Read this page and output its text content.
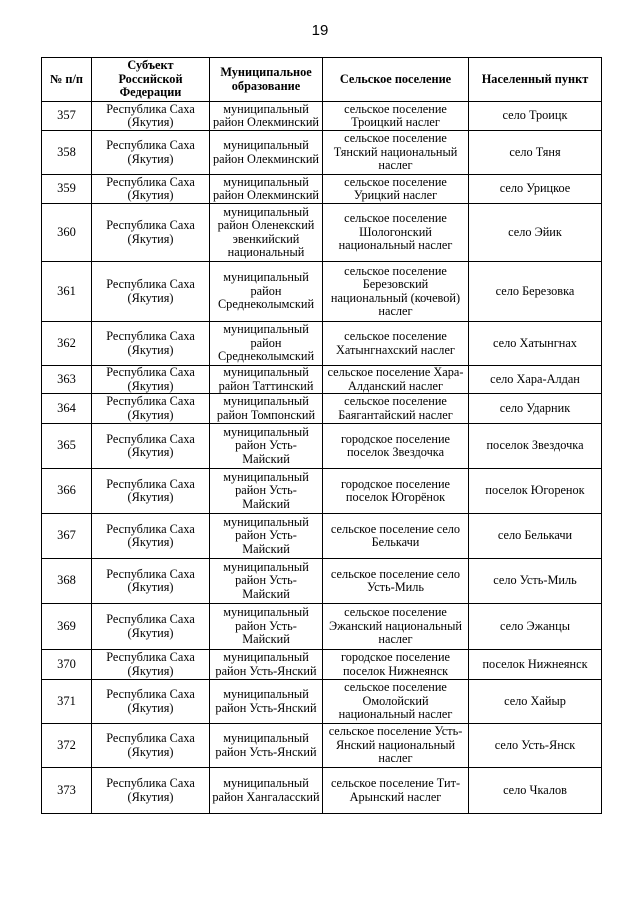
19
№ п/п	Субъект Российской Федерации	Муниципальное образование	Сельское поселение	Населенный пункт
357	Республика Саха (Якутия)	муниципальный район Олекминский	сельское поселение Троицкий наслег	село Троицк
358	Республика Саха (Якутия)	муниципальный район Олекминский	сельское поселение Тянский национальный наслег	село Тяня
359	Республика Саха (Якутия)	муниципальный район Олекминский	сельское поселение Урицкий наслег	село Урицкое
360	Республика Саха (Якутия)	муниципальный район Оленекский эвенкийский национальный	сельское поселение Шологонский национальный наслег	село Эйик
361	Республика Саха (Якутия)	муниципальный район Среднеколымский	сельское поселение Березовский национальный (кочевой) наслег	село Березовка
362	Республика Саха (Якутия)	муниципальный район Среднеколымский	сельское поселение Хатынгнахский наслег	село Хатынгнах
363	Республика Саха (Якутия)	муниципальный район Таттинский	сельское поселение Хара-Алданский наслег	село Хара-Алдан
364	Республика Саха (Якутия)	муниципальный район Томпонский	сельское поселение Баягантайский наслег	село Ударник
365	Республика Саха (Якутия)	муниципальный район Усть-Майский	городское поселение поселок Звездочка	поселок Звездочка
366	Республика Саха (Якутия)	муниципальный район Усть-Майский	городское поселение поселок Югорёнок	поселок Югоренок
367	Республика Саха (Якутия)	муниципальный район Усть-Майский	сельское поселение село Белькачи	село Белькачи
368	Республика Саха (Якутия)	муниципальный район Усть-Майский	сельское поселение село Усть-Миль	село Усть-Миль
369	Республика Саха (Якутия)	муниципальный район Усть-Майский	сельское поселение Эжанский национальный наслег	село Эжанцы
370	Республика Саха (Якутия)	муниципальный район Усть-Янский	городское поселение поселок Нижнеянск	поселок Нижнеянск
371	Республика Саха (Якутия)	муниципальный район Усть-Янский	сельское поселение Омолойский национальный наслег	село Хайыр
372	Республика Саха (Якутия)	муниципальный район Усть-Янский	сельское поселение Усть-Янский национальный наслег	село Усть-Янск
373	Республика Саха (Якутия)	муниципальный район Хангаласский	сельское поселение Тит-Арынский наслег	село Чкалов
